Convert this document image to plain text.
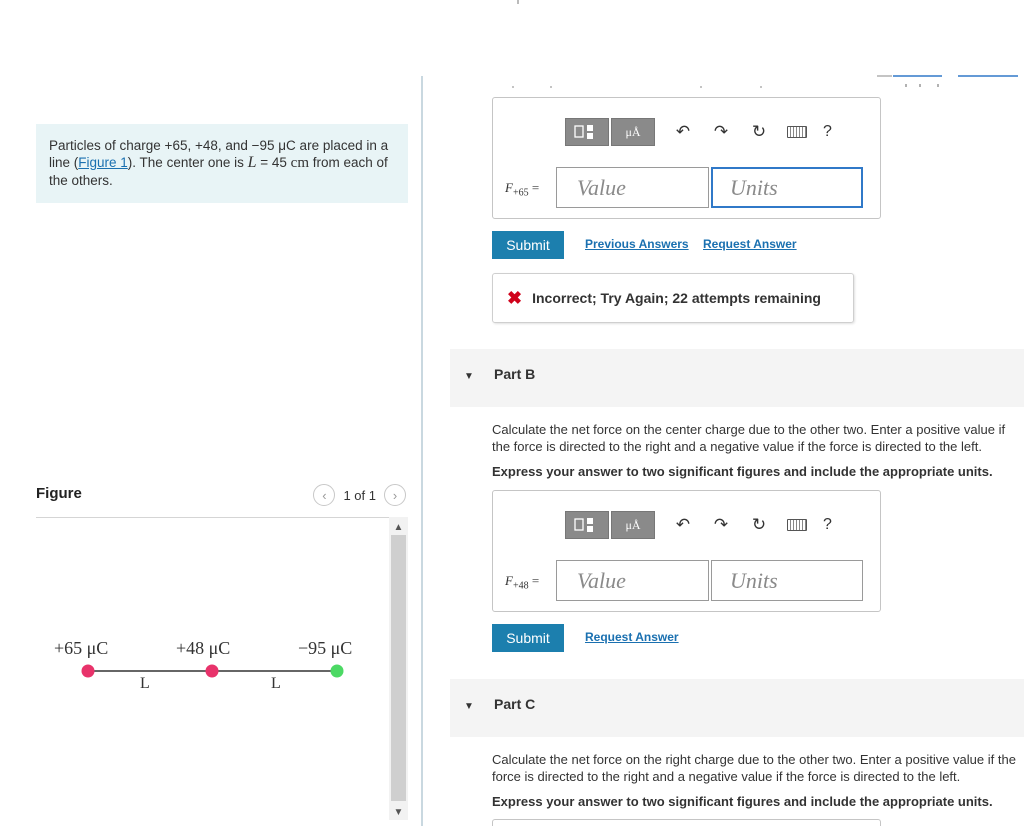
Particles of charge +65, +48, and −95 μC are placed in a line (Figure 1). The center one is L = 45 cm from each of the others.
Figure	‹	1 of 1	›
▲
▼
+65 μC	+48 μC	−95 μC
L	L
μÅ	↶ ↷ ↻	?
$F_{+65}$ =	Value	Units
Submit	Previous Answers Request Answer
✖ Incorrect; Try Again; 22 attempts remaining
▼ Part B
Calculate the net force on the center charge due to the other two. Enter a positive value if the force is directed to the right and a negative value if the force is directed to the left.
Express your answer to two significant figures and include the appropriate units.
μÅ	↶ ↷ ↻	?
$F_{+48}$ =	Value	Units
Submit	Request Answer
▼ Part C
Calculate the net force on the right charge due to the other two. Enter a positive value if the force is directed to the right and a negative value if the force is directed to the left.
Express your answer to two significant figures and include the appropriate units.
